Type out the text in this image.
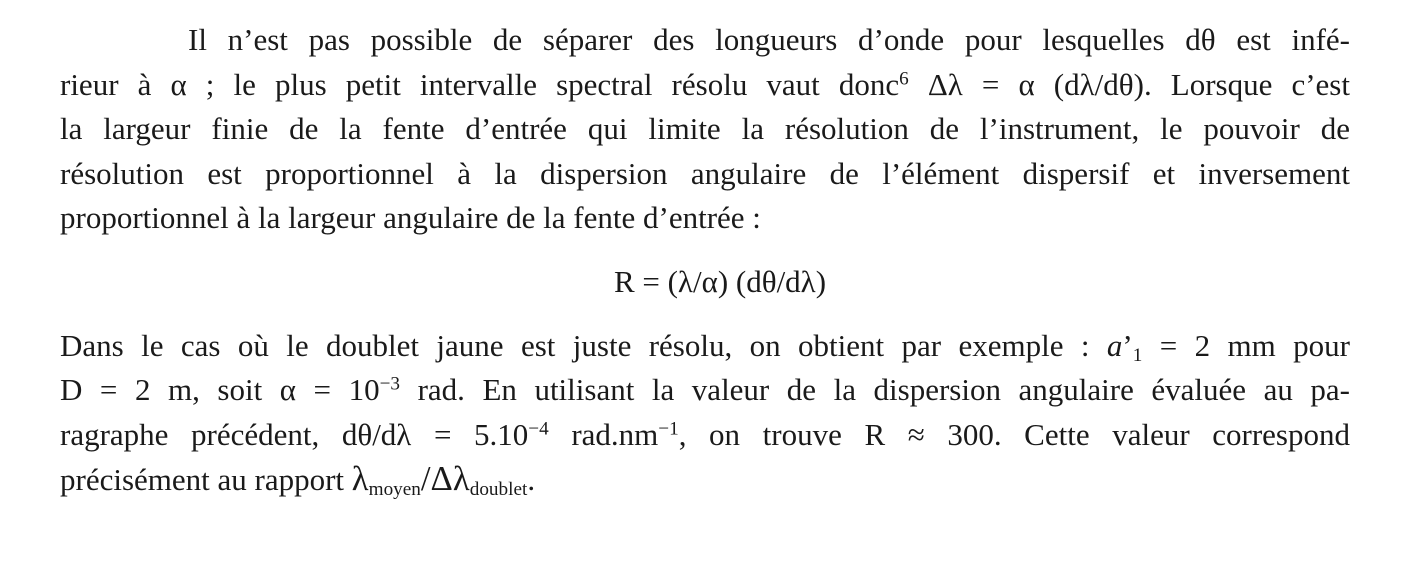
Il n’est pas possible de séparer des longueurs d’onde pour lesquelles dθ est infé-
rieur à α ; le plus petit intervalle spectral résolu vaut donc$^6$ Δλ = α (dλ/dθ). Lorsque c’est
la largeur finie de la fente d’entrée qui limite la résolution de l’instrument, le pouvoir de
résolution est proportionnel à la dispersion angulaire de l’élément dispersif et inversement
proportionnel à la largeur angulaire de la fente d’entrée :

R = (λ/α) (dθ/dλ)

Dans le cas où le doublet jaune est juste résolu, on obtient par exemple : $a’_1 = 2$ mm pour
D = 2 m, soit $\alpha = 10^{-3}$ rad. En utilisant la valeur de la dispersion angulaire évaluée au pa-
ragraphe précédent, $d\theta/d\lambda = 5.10^{-4}$ $rad.nm^{-1}$, on trouve R ≈ 300. Cette valeur correspond
précisément au rapport $\lambda_{moyen}/\Delta\lambda_{doublet}$.
